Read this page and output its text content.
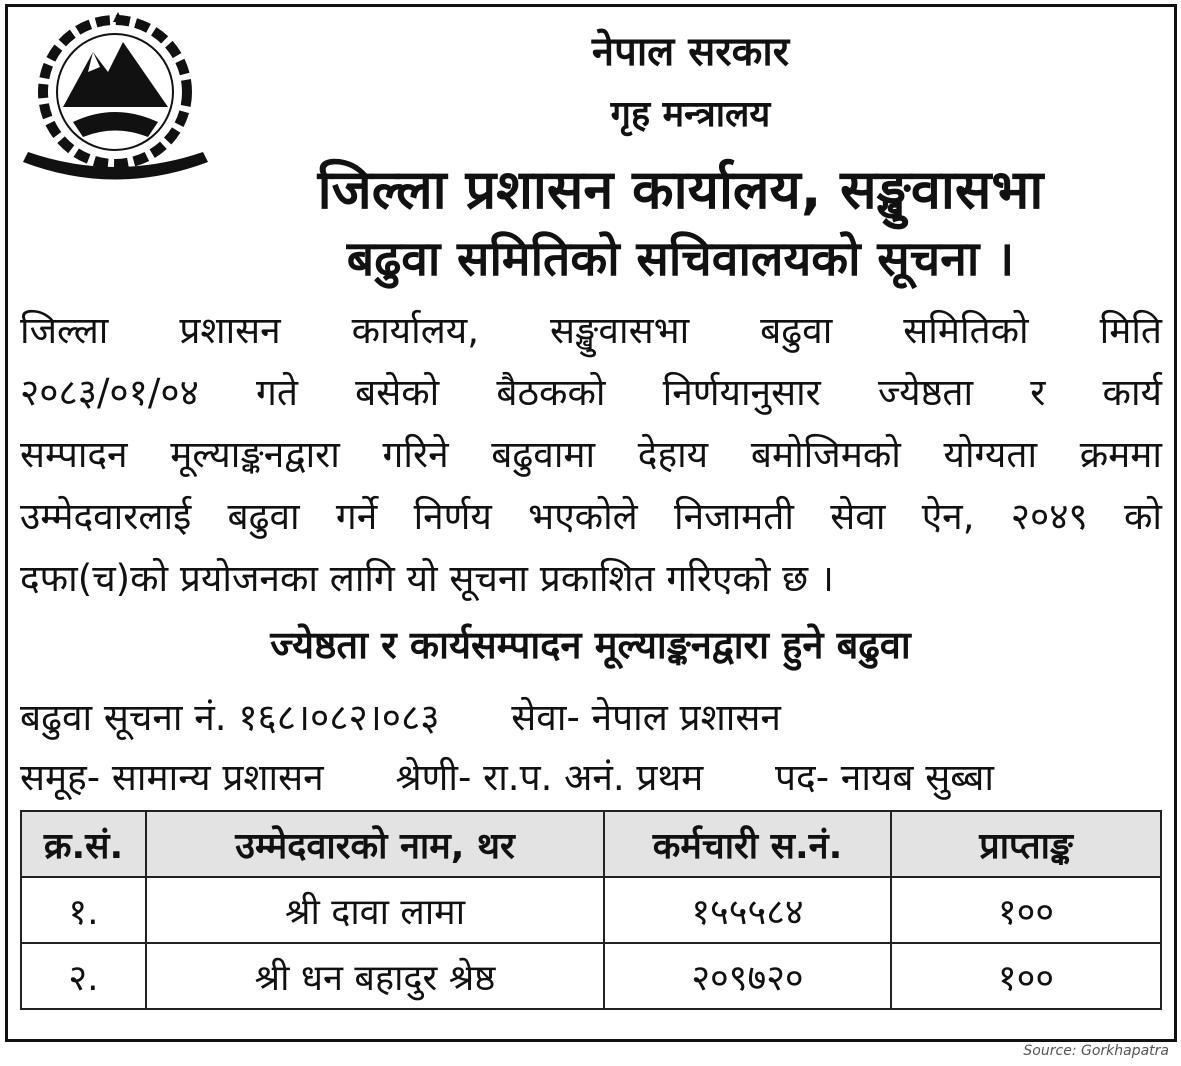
नेपाल सरकार
गृह मन्त्रालय
जिल्ला प्रशासन कार्यालय, सङ्खुवासभा
बढुवा समितिको सचिवालयको सूचना ।
जिल्ला प्रशासन कार्यालय, सङ्खुवासभा बढुवा समितिको मिति
२०८३/०१/०४ गते बसेको बैठकको निर्णयानुसार ज्येष्ठता र कार्य
सम्पादन मूल्याङ्कनद्वारा गरिने बढुवामा देहाय बमोजिमको योग्यता क्रममा
उम्मेदवारलाई बढुवा गर्ने निर्णय भएकोले निजामती सेवा ऐन, २०४९ को
दफा(च)को प्रयोजनका लागि यो सूचना प्रकाशित गरिएको छ ।
ज्येष्ठता र कार्यसम्पादन मूल्याङ्कनद्वारा हुने बढुवा
बढुवा सूचना नं. १६८।०८२।०८३ सेवा- नेपाल प्रशासन
समूह- सामान्य प्रशासन श्रेणी- रा.प. अनं. प्रथम पद- नायब सुब्बा
क्र.सं.	उम्मेदवारको नाम, थर	कर्मचारी स.नं.	प्राप्ताङ्क
१.	श्री दावा लामा	१५५५८४	१००
२.	श्री धन बहादुर श्रेष्ठ	२०९७२०	१००
Source: Gorkhapatra
